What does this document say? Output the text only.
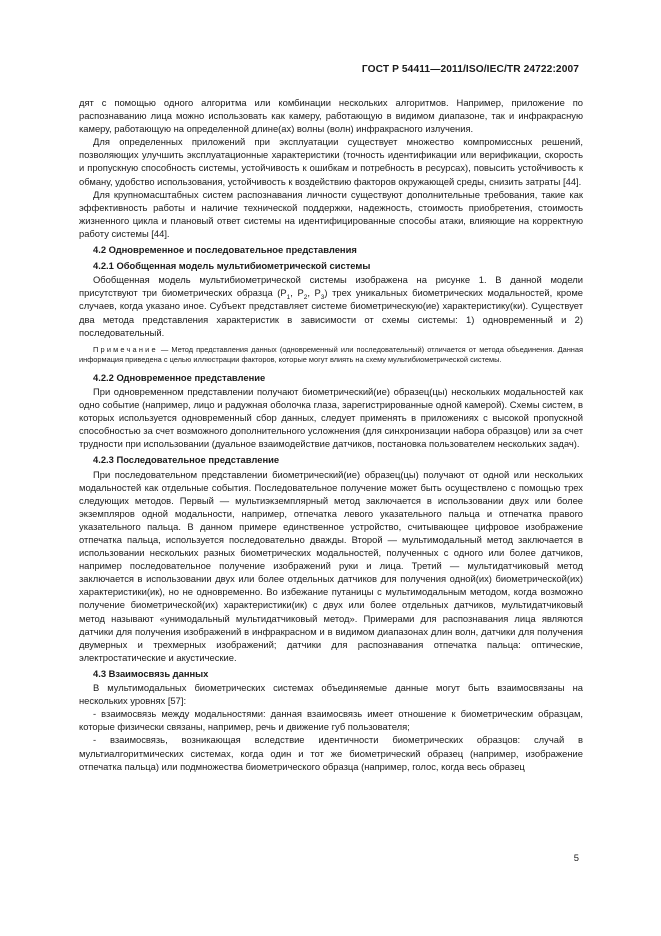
ГОСТ Р 54411—2011/ISO/IEC/TR 24722:2007

дят с помощью одного алгоритма или комбинации нескольких алгоритмов. Например, приложение по распознаванию лица можно использовать как камеру, работающую в видимом диапазоне, так и инфракрасную камеру, работающую на определенной длине(ах) волны (волн) инфракрасного излучения.

Для определенных приложений при эксплуатации существует множество компромиссных решений, позволяющих улучшить эксплуатационные характеристики (точность идентификации или верификации, скорость и пропускную способность системы, устойчивость к ошибкам и потребность в ресурсах), повысить устойчивость к обману, удобство использования, устойчивость к воздействию факторов окружающей среды, снизить затраты [44].

Для крупномасштабных систем распознавания личности существуют дополнительные требования, такие как эффективность работы и наличие технической поддержки, надежность, стоимость приобретения, стоимость жизненного цикла и плановый ответ системы на идентифицированные способы атаки, влияющие на корректную работу системы [44].

4.2 Одновременное и последовательное представления
4.2.1 Обобщенная модель мультибиометрической системы

Обобщенная модель мультибиометрической системы изображена на рисунке 1. В данной модели присутствуют три биометрических образца ($Р_1$, $Р_2$, $Р_3$) трех уникальных биометрических модальностей, кроме случаев, когда указано иное. Субъект представляет системе биометрическую(ие) характеристику(ки). Существует два метода представления характеристик в зависимости от схемы системы: 1) одновременный и 2) последовательный.

Примечание — Метод представления данных (одновременный или последовательный) отличается от метода объединения. Данная информация приведена с целью иллюстрации факторов, которые могут влиять на схему мультибиометрической системы.

4.2.2 Одновременное представление

При одновременном представлении получают биометрический(ие) образец(цы) нескольких модальностей как одно событие (например, лицо и радужная оболочка глаза, зарегистрированные одной камерой). Схемы систем, в которых используется одновременный сбор данных, следует применять в приложениях с высокой пропускной способностью за счет возможного дополнительного усложнения (для синхронизации набора образцов) или за счет трудности при использовании (дуальное взаимодействие датчиков, постановка пользователем нескольких задач).

4.2.3 Последовательное представление

При последовательном представлении биометрический(ие) образец(цы) получают от одной или нескольких модальностей как отдельные события. Последовательное получение может быть осуществлено с помощью трех следующих методов. Первый — мультиэкземплярный метод заключается в использовании двух или более экземпляров одной модальности, например, отпечатка левого указательного пальца и отпечатка правого указательного пальца. В данном примере единственное устройство, считывающее цифровое изображение отпечатка пальца, используется последовательно дважды. Второй — мультимодальный метод заключается в использовании нескольких разных биометрических модальностей, полученных с одного или более датчиков, например последовательное получение изображений руки и лица. Третий — мультидатчиковый метод заключается в использовании двух или более отдельных датчиков для получения одной(их) биометрической(их) характеристики(ик), но не одновременно. Во избежание путаницы с мультимодальным методом, когда возможно получение биометрической(их) характеристики(ик) с двух или более отдельных датчиков, мультидатчиковый метод называют «унимодальный мультидатчиковый метод». Примерами для распознавания лица являются датчики для получения изображений в инфракрасном и в видимом диапазонах длин волн, датчики для получения двумерных и трехмерных изображений; датчики для распознавания отпечатка пальца: оптические, электростатические и акустические.

4.3 Взаимосвязь данных

В мультимодальных биометрических системах объединяемые данные могут быть взаимосвязаны на нескольких уровнях [57]:

- взаимосвязь между модальностями: данная взаимосвязь имеет отношение к биометрическим образцам, которые физически связаны, например, речь и движение губ пользователя;

- взаимосвязь, возникающая вследствие идентичности биометрических образцов: случай в мультиалгоритмических системах, когда один и тот же биометрический образец (например, изображение отпечатка пальца) или подмножества биометрического образца (например, голос, когда весь образец

5
